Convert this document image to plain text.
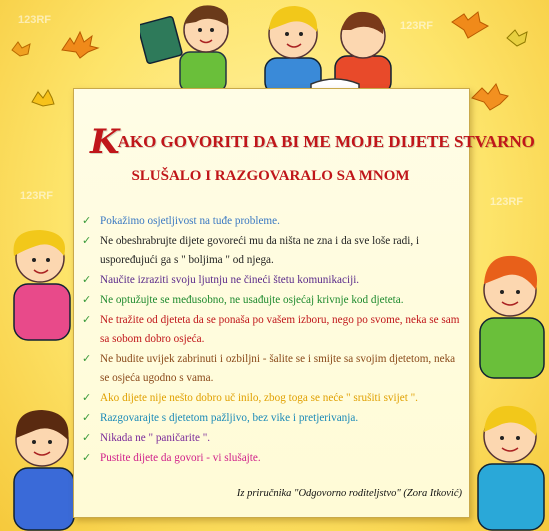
123RF	123RF
123RF	123RF
KAKO GOVORITI DA BI ME MOJE DIJETE STVARNO
SLUŠALO I RAZGOVARALO SA MNOM
✓ Pokažimo osjetljivost na tuđe probleme.
✓ Ne obeshrabrujte dijete govoreći mu da ništa ne zna i da sve loše radi, i uspoređujući ga s " boljima " od njega.
✓ Naučite izraziti svoju ljutnju ne čineći štetu komunikaciji.
✓ Ne optužujte se međusobno, ne usađujte osjećaj krivnje kod djeteta.
✓ Ne tražite od djeteta da se ponaša po vašem izboru, nego po svome, neka se sam sa sobom dobro osjeća.
✓ Ne budite uvijek zabrinuti i ozbiljni - šalite se i smijte sa svojim djetetom, neka se osjeća ugodno s vama.
✓ Ako dijete nije nešto dobro uč inilo, zbog toga se neće " srušiti svijet ".
✓ Razgovarajte s djetetom pažljivo, bez vike i pretjerivanja.
✓ Nikada ne " paničarite ".
✓ Pustite dijete da govori - vi slušajte.
Iz priručnika "Odgovorno roditeljstvo" (Zora Itković)
